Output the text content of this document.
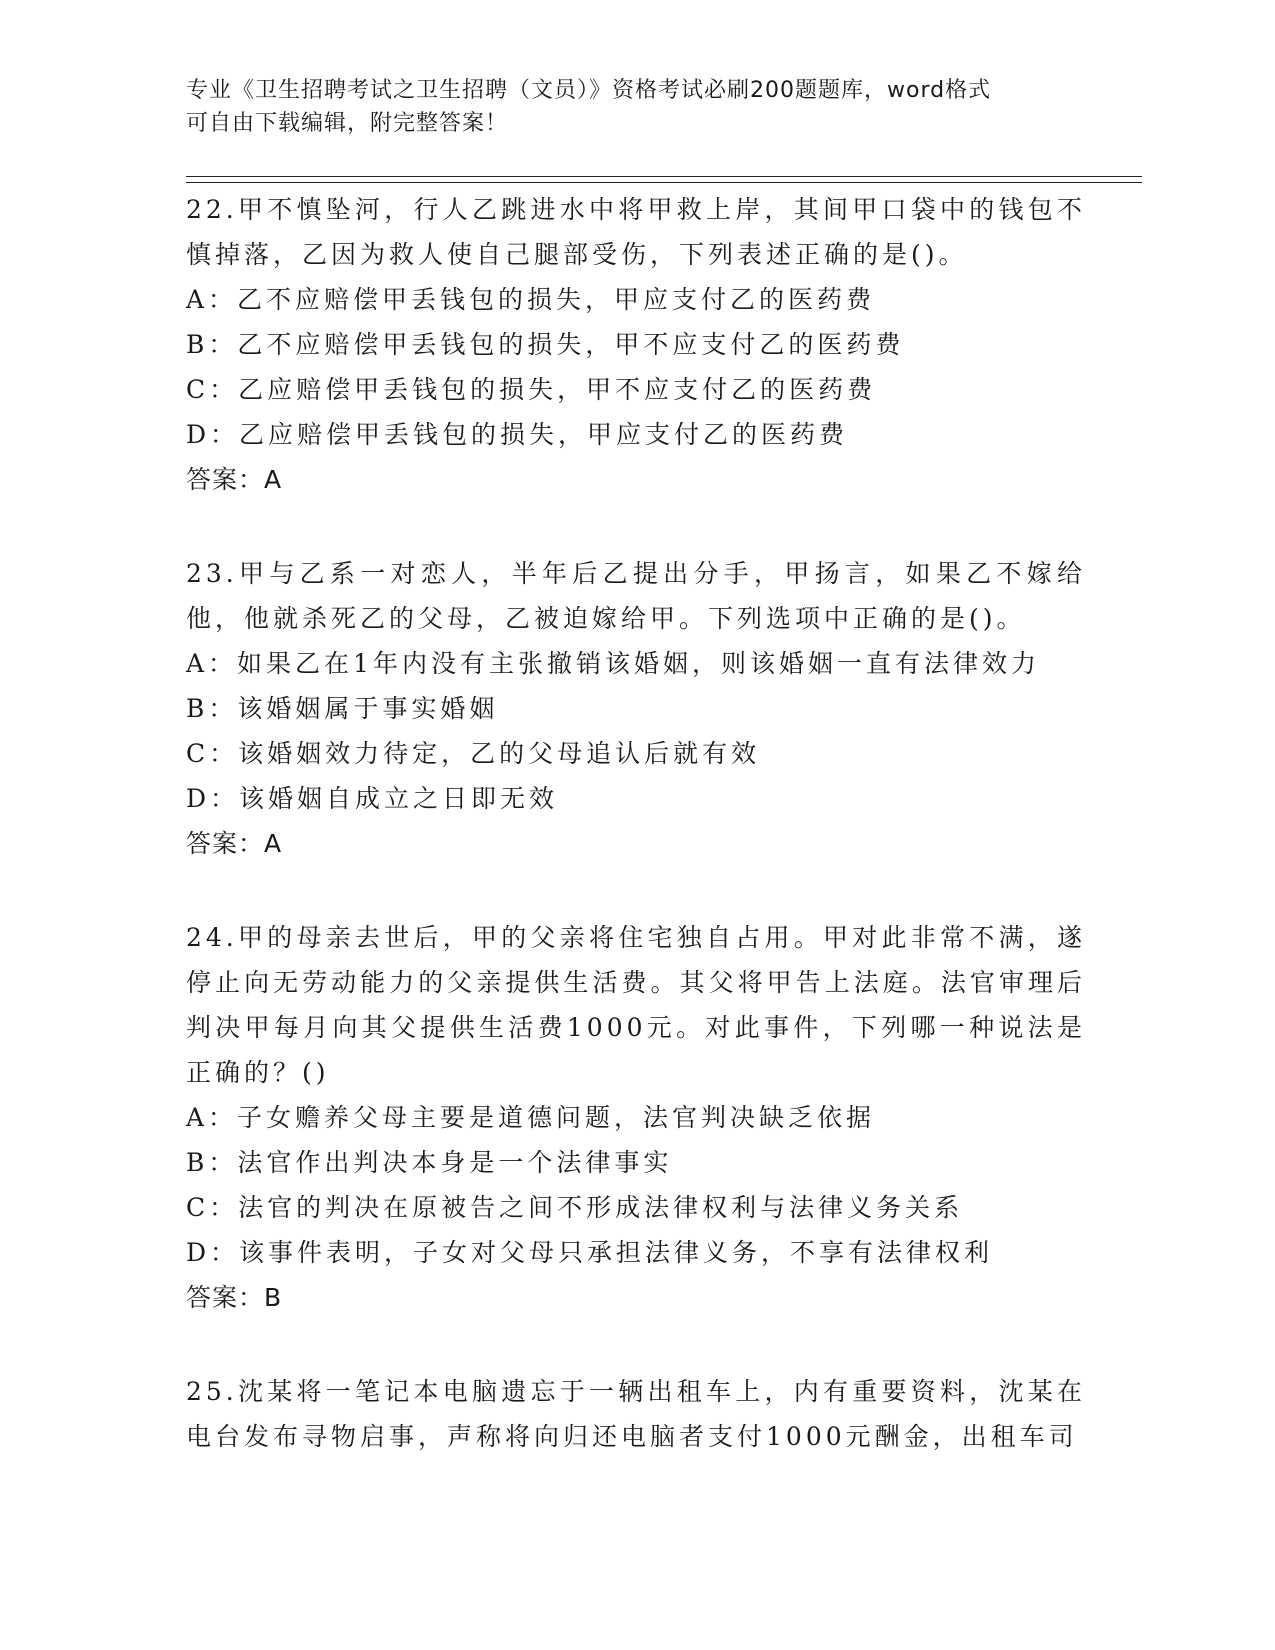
专业《卫生招聘考试之卫生招聘（文员）》资格考试必刷200题题库，word格式
可自由下载编辑，附完整答案！
22.甲不慎坠河，行人乙跳进水中将甲救上岸，其间甲口袋中的钱包不慎掉落，乙因为救人使自己腿部受伤，下列表述正确的是()。
A：乙不应赔偿甲丢钱包的损失，甲应支付乙的医药费
B：乙不应赔偿甲丢钱包的损失，甲不应支付乙的医药费
C：乙应赔偿甲丢钱包的损失，甲不应支付乙的医药费
D：乙应赔偿甲丢钱包的损失，甲应支付乙的医药费
答案：A
23.甲与乙系一对恋人，半年后乙提出分手，甲扬言，如果乙不嫁给他，他就杀死乙的父母，乙被迫嫁给甲。下列选项中正确的是()。
A：如果乙在1年内没有主张撤销该婚姻，则该婚姻一直有法律效力
B：该婚姻属于事实婚姻
C：该婚姻效力待定，乙的父母追认后就有效
D：该婚姻自成立之日即无效
答案：A
24.甲的母亲去世后，甲的父亲将住宅独自占用。甲对此非常不满，遂停止向无劳动能力的父亲提供生活费。其父将甲告上法庭。法官审理后判决甲每月向其父提供生活费1000元。对此事件，下列哪一种说法是正确的？()
A：子女赡养父母主要是道德问题，法官判决缺乏依据
B：法官作出判决本身是一个法律事实
C：法官的判决在原被告之间不形成法律权利与法律义务关系
D：该事件表明，子女对父母只承担法律义务，不享有法律权利
答案：B
25.沈某将一笔记本电脑遗忘于一辆出租车上，内有重要资料，沈某在电台发布寻物启事，声称将向归还电脑者支付1000元酬金，出租车司
